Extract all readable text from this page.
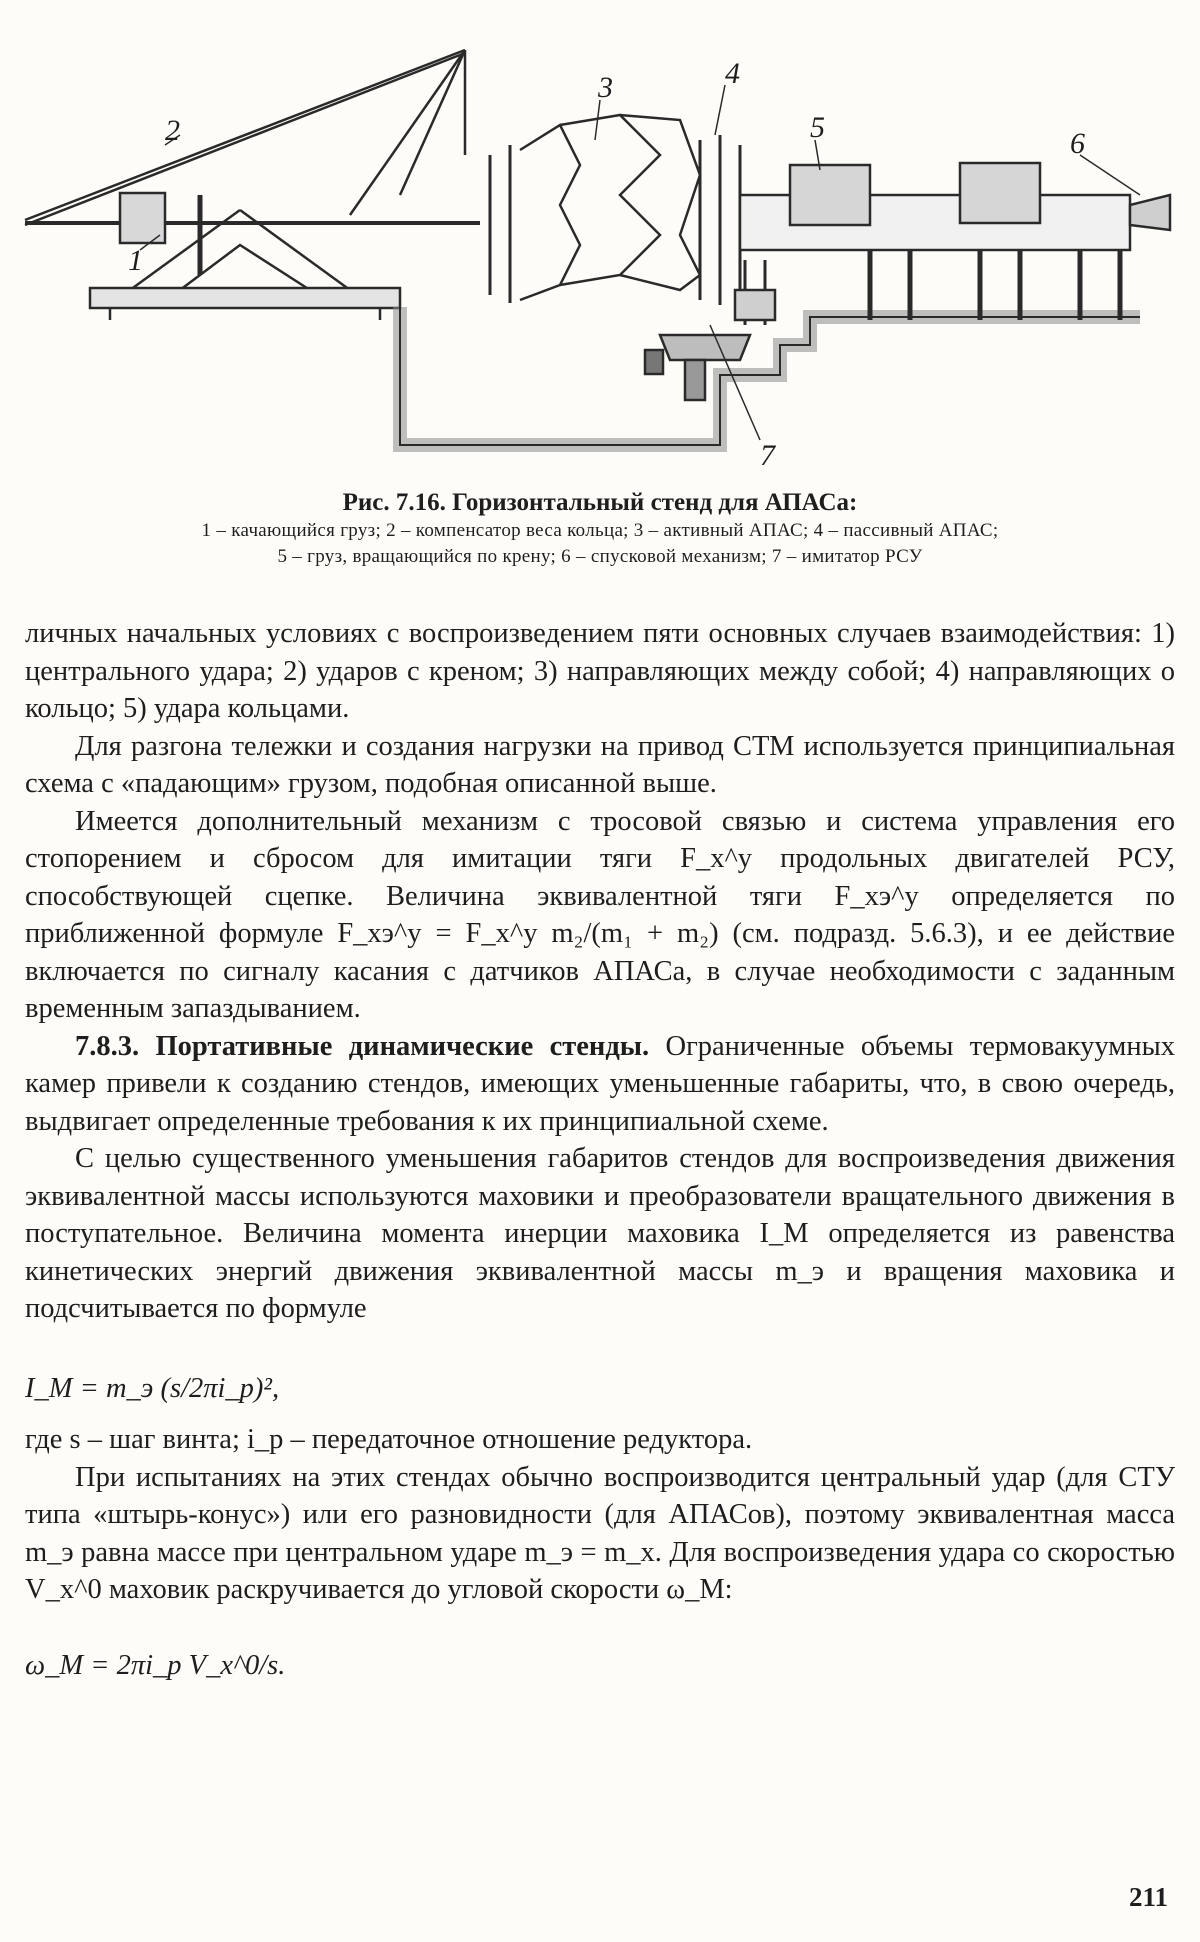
1
2
3	4
5	6
7
Рис. 7.16. Горизонтальный стенд для АПАСа:
1 – качающийся груз; 2 – компенсатор веса кольца; 3 – активный АПАС; 4 – пассивный АПАС;
5 – груз, вращающийся по крену; 6 – спусковой механизм; 7 – имитатор РСУ

личных начальных условиях с воспроизведением пяти основных случаев взаимодействия: 1) центрального удара; 2) ударов с креном; 3) направляющих между собой; 4) направляющих о кольцо; 5) удара кольцами.

Для разгона тележки и создания нагрузки на привод СТМ используется принципиальная схема с «падающим» грузом, подобная описанной выше.

Имеется дополнительный механизм с тросовой связью и система управления его стопорением и сбросом для имитации тяги F_x^y продольных двигателей РСУ, способствующей сцепке. Величина эквивалентной тяги F_xэ^y определяется по приближенной формуле F_xэ^y = F_x^y m₂/(m₁ + m₂) (см. подразд. 5.6.3), и ее действие включается по сигналу касания с датчиков АПАСа, в случае необходимости с заданным временным запаздыванием.

7.8.3. Портативные динамические стенды. Ограниченные объемы термовакуумных камер привели к созданию стендов, имеющих уменьшенные габариты, что, в свою очередь, выдвигает определенные требования к их принципиальной схеме.

С целью существенного уменьшения габаритов стендов для воспроизведения движения эквивалентной массы используются маховики и преобразователи вращательного движения в поступательное. Величина момента инерции маховика I_M определяется из равенства кинетических энергий движения эквивалентной массы m_э и вращения маховика и подсчитывается по формуле

I_M = m_э (s/2πi_p)²,

где s – шаг винта; i_p – передаточное отношение редуктора.

При испытаниях на этих стендах обычно воспроизводится центральный удар (для СТУ типа «штырь-конус») или его разновидности (для АПАСов), поэтому эквивалентная масса m_э равна массе при центральном ударе m_э = m_x. Для воспроизведения удара со скоростью V_x^0 маховик раскручивается до угловой скорости ω_M:

ω_M = 2πi_p V_x^0/s.

211
